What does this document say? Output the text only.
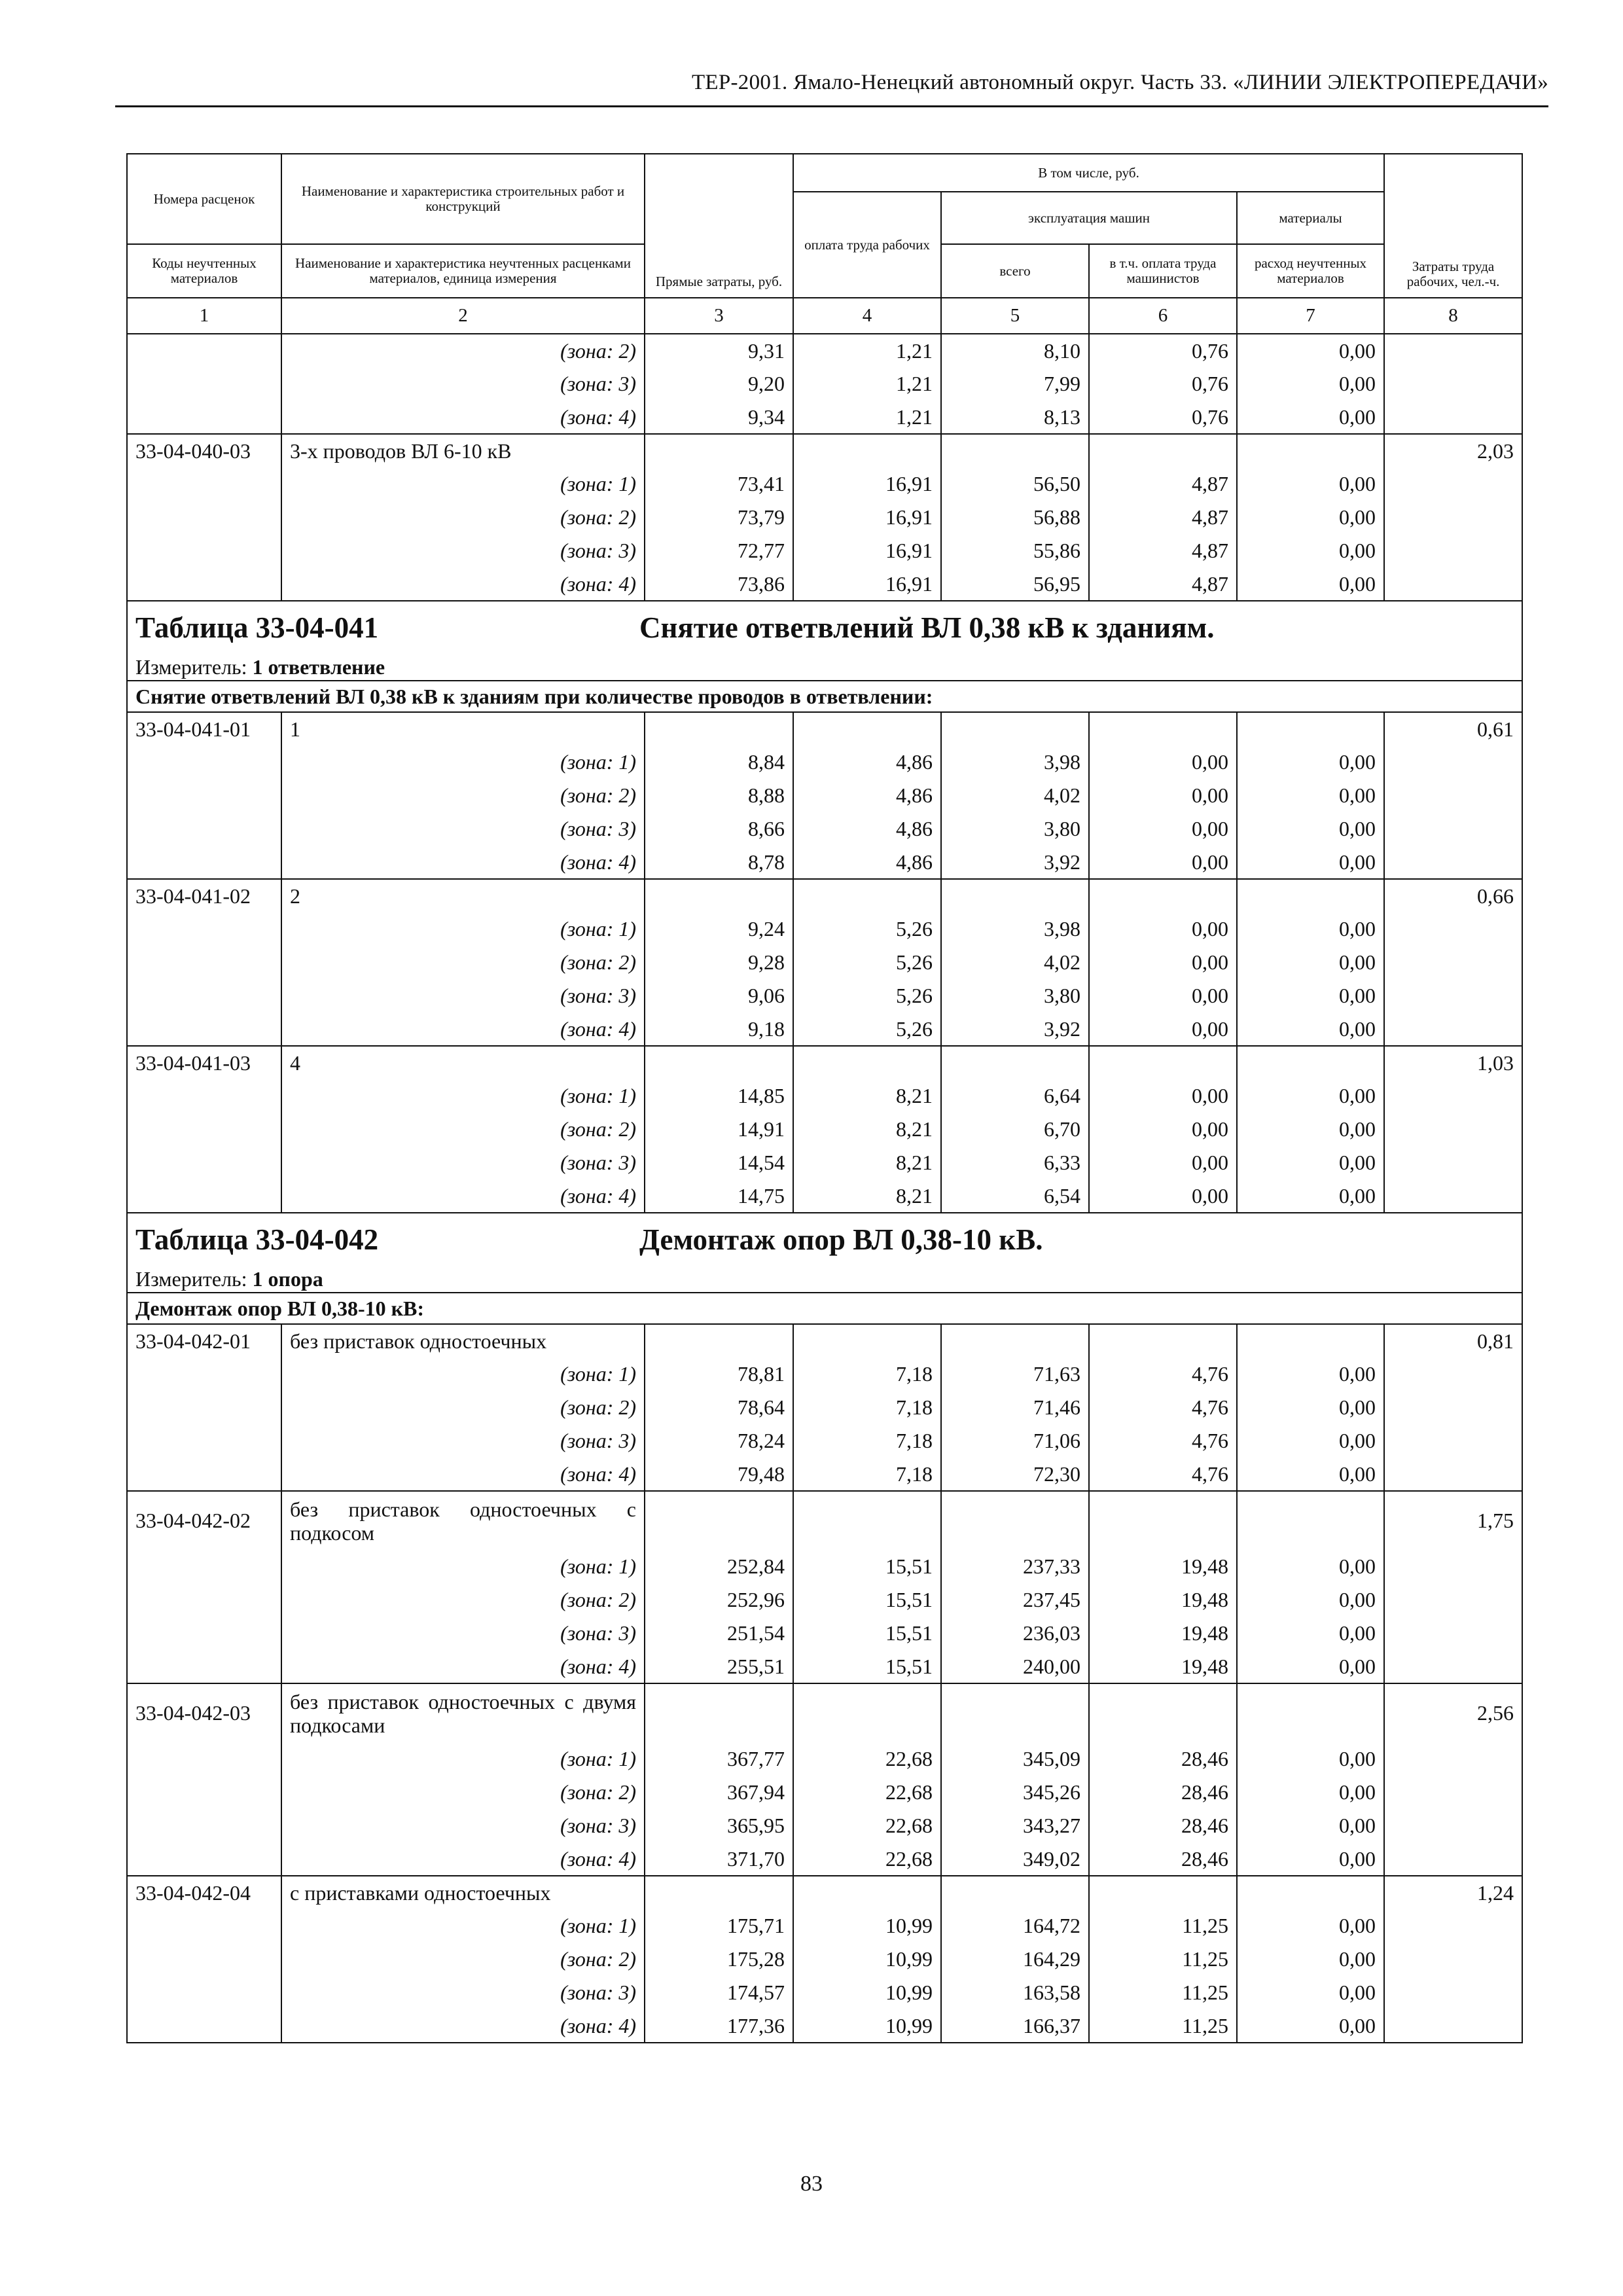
ТЕР-2001. Ямало-Ненецкий автономный округ. Часть 33. «ЛИНИИ ЭЛЕКТРОПЕРЕДАЧИ»
Номера расценок	Наименование и характеристика строительных работ и конструкций	Прямые затраты, руб.	В том числе, руб.				Затраты труда рабочих, чел.-ч.
			оплата труда рабочих	эксплуатация машин		материалы	
Коды неучтенных материалов	Наименование и характеристика неучтенных расценками материалов, единица измерения			всего	в т.ч. оплата труда машинистов	расход неучтенных материалов	
1	2	3	4	5	6	7	8
	(зона: 2)	9,31	1,21	8,10	0,76	0,00	
	(зона: 3)	9,20	1,21	7,99	0,76	0,00	
	(зона: 4)	9,34	1,21	8,13	0,76	0,00	
33-04-040-03	3-х проводов ВЛ 6-10 кВ						2,03
	(зона: 1)	73,41	16,91	56,50	4,87	0,00	
	(зона: 2)	73,79	16,91	56,88	4,87	0,00	
	(зона: 3)	72,77	16,91	55,86	4,87	0,00	
	(зона: 4)	73,86	16,91	56,95	4,87	0,00	
Таблица 33-04-041 Снятие ответвлений ВЛ 0,38 кВ к зданиям.							
Измеритель: 1 ответвление							
Снятие ответвлений ВЛ 0,38 кВ к зданиям при количестве проводов в ответвлении:							
33-04-041-01	1						0,61
	(зона: 1)	8,84	4,86	3,98	0,00	0,00	
	(зона: 2)	8,88	4,86	4,02	0,00	0,00	
	(зона: 3)	8,66	4,86	3,80	0,00	0,00	
	(зона: 4)	8,78	4,86	3,92	0,00	0,00	
33-04-041-02	2						0,66
	(зона: 1)	9,24	5,26	3,98	0,00	0,00	
	(зона: 2)	9,28	5,26	4,02	0,00	0,00	
	(зона: 3)	9,06	5,26	3,80	0,00	0,00	
	(зона: 4)	9,18	5,26	3,92	0,00	0,00	
33-04-041-03	4						1,03
	(зона: 1)	14,85	8,21	6,64	0,00	0,00	
	(зона: 2)	14,91	8,21	6,70	0,00	0,00	
	(зона: 3)	14,54	8,21	6,33	0,00	0,00	
	(зона: 4)	14,75	8,21	6,54	0,00	0,00	
Таблица 33-04-042 Демонтаж опор ВЛ 0,38-10 кВ.							
Измеритель: 1 опора							
Демонтаж опор ВЛ 0,38-10 кВ:							
33-04-042-01	без приставок одностоечных						0,81
	(зона: 1)	78,81	7,18	71,63	4,76	0,00	
	(зона: 2)	78,64	7,18	71,46	4,76	0,00	
	(зона: 3)	78,24	7,18	71,06	4,76	0,00	
	(зона: 4)	79,48	7,18	72,30	4,76	0,00	
33-04-042-02	без приставок одностоечных с подкосом						1,75
	(зона: 1)	252,84	15,51	237,33	19,48	0,00	
	(зона: 2)	252,96	15,51	237,45	19,48	0,00	
	(зона: 3)	251,54	15,51	236,03	19,48	0,00	
	(зона: 4)	255,51	15,51	240,00	19,48	0,00	
33-04-042-03	без приставок одностоечных с двумя подкосами						2,56
	(зона: 1)	367,77	22,68	345,09	28,46	0,00	
	(зона: 2)	367,94	22,68	345,26	28,46	0,00	
	(зона: 3)	365,95	22,68	343,27	28,46	0,00	
	(зона: 4)	371,70	22,68	349,02	28,46	0,00	
33-04-042-04	с приставками одностоечных						1,24
	(зона: 1)	175,71	10,99	164,72	11,25	0,00	
	(зона: 2)	175,28	10,99	164,29	11,25	0,00	
	(зона: 3)	174,57	10,99	163,58	11,25	0,00	
	(зона: 4)	177,36	10,99	166,37	11,25	0,00	
83
